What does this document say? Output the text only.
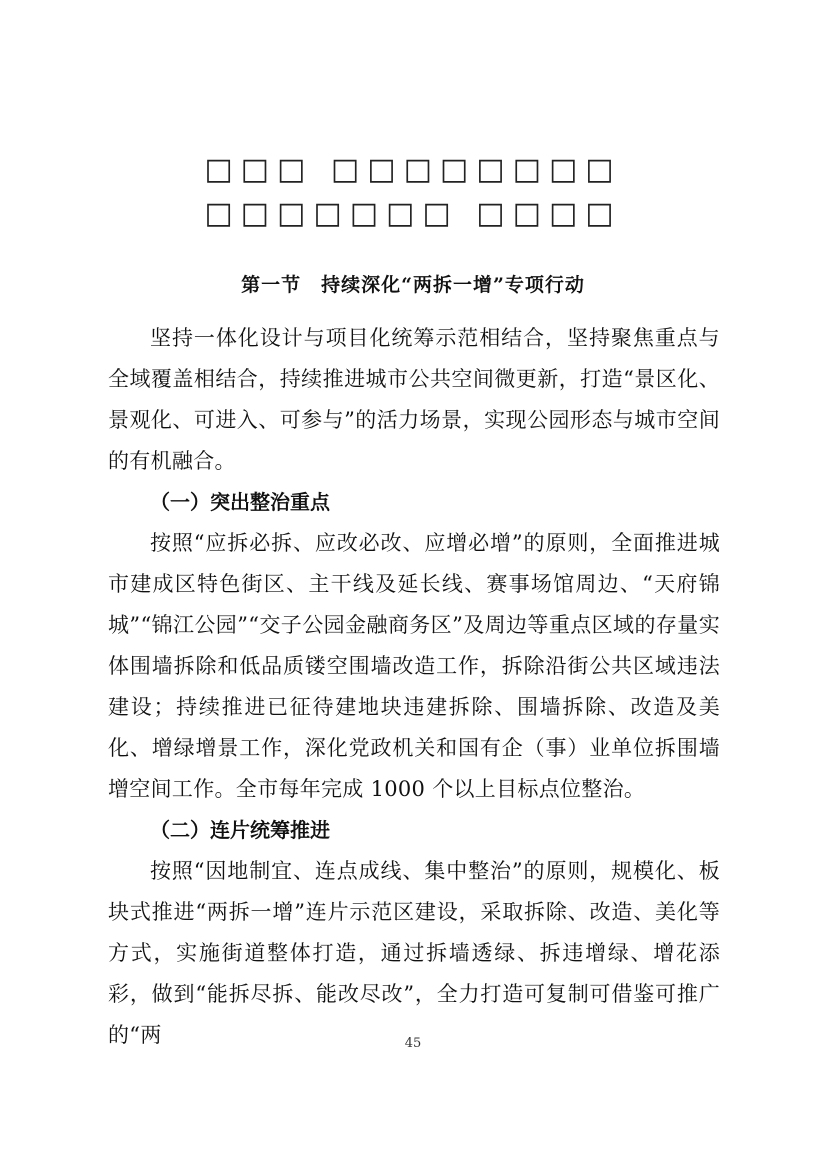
□□□ □□□□□□□□ □□□□□□□ □□□□
第一节　持续深化“两拆一增”专项行动

坚持一体化设计与项目化统筹示范相结合，坚持聚焦重点与全域覆盖相结合，持续推进城市公共空间微更新，打造“景区化、景观化、可进入、可参与”的活力场景，实现公园形态与城市空间的有机融合。

（一）突出整治重点

按照“应拆必拆、应改必改、应增必增”的原则，全面推进城市建成区特色街区、主干线及延长线、赛事场馆周边、“天府锦城”“锦江公园”“交子公园金融商务区”及周边等重点区域的存量实体围墙拆除和低品质镂空围墙改造工作，拆除沿街公共区域违法建设；持续推进已征待建地块违建拆除、围墙拆除、改造及美化、增绿增景工作，深化党政机关和国有企（事）业单位拆围墙增空间工作。全市每年完成 1000 个以上目标点位整治。

（二）连片统筹推进

按照“因地制宜、连点成线、集中整治”的原则，规模化、板块式推进“两拆一增”连片示范区建设，采取拆除、改造、美化等方式，实施街道整体打造，通过拆墙透绿、拆违增绿、增花添彩，做到“能拆尽拆、能改尽改”，全力打造可复制可借鉴可推广的“两	45
